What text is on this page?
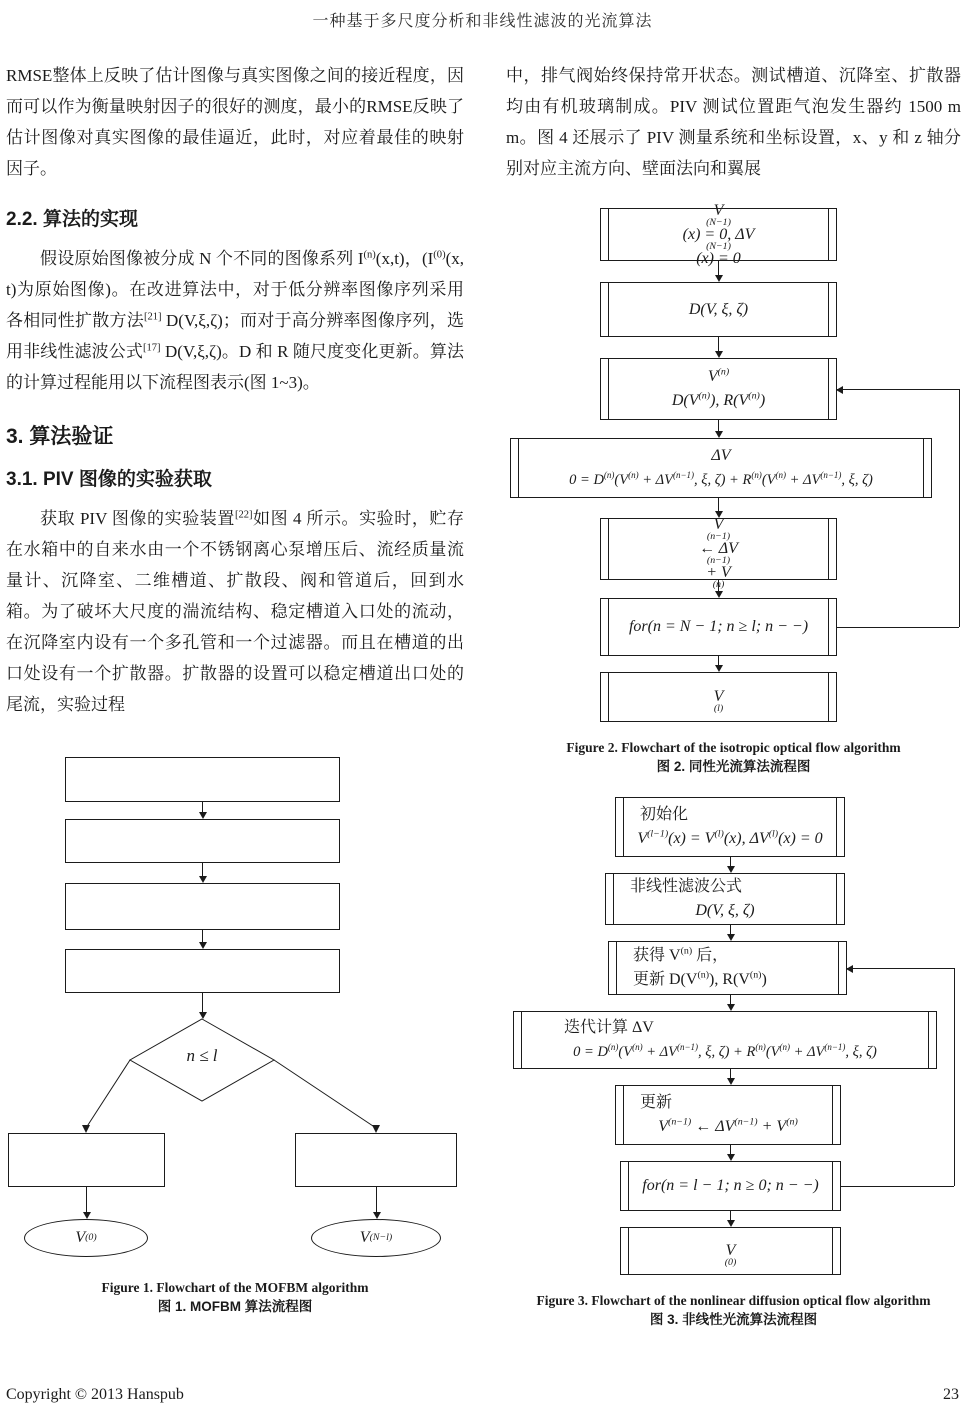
一种基于多尺度分析和非线性滤波的光流算法

RMSE整体上反映了估计图像与真实图像之间的接近程度，因而可以作为衡量映射因子的很好的测度，最小的RMSE反映了估计图像对真实图像的最佳逼近，此时，对应着最佳的映射因子。

2.2. 算法的实现

假设原始图像被分成 N 个不同的图像系列 $I^{(n)}(x,t)$，($I^{(0)}(x,t)$为原始图像)。在改进算法中，对于低分辨率图像序列采用各相同性扩散方法[21] D(V,ξ,ζ)；而对于高分辨率图像序列，选用非线性滤波公式[17] D(V,ξ,ζ)。D 和 R 随尺度变化更新。算法的计算过程能用以下流程图表示(图 1~3)。

3. 算法验证
3.1. PIV 图像的实验获取

获取 PIV 图像的实验装置[22]如图 4 所示。实验时，贮存在水箱中的自来水由一个不锈钢离心泵增压后、流经质量流量计、沉降室、二维槽道、扩散段、阀和管道后，回到水箱。为了破坏大尺度的湍流结构、稳定槽道入口处的流动，在沉降室内设有一个多孔管和一个过滤器。而且在槽道的出口处设有一个扩散器。扩散器的设置可以稳定槽道出口处的尾流，实验过程

n ≤ l
V (0)	V (N−l)
Figure 1. Flowchart of the MOFBM algorithm
图 1. MOFBM 算法流程图

中，排气阀始终保持常开状态。测试槽道、沉降室、扩散器均由有机玻璃制成。PIV 测试位置距气泡发生器约 1500 mm。图 4 还展示了 PIV 测量系统和坐标设置，x、y 和 z 轴分别对应主流方向、壁面法向和翼展

V
(N−1)
(x) = 0, ΔV
(N−1)
(x) = 0
D(V, ξ, ζ)
$V^{(n)}$
$D(V^{(n)})$, $R(V^{(n)})$
ΔV
$0 = D^{(n)}(V^{(n)} + \Delta V^{(n-1)}$, ξ, $\zeta) + R^{(n)}(V^{(n)} + \Delta V^{(n-1)}$, ξ, ζ)
V
(n−1)
← ΔV
(n−1)
+ V
(n)
for(n = N − 1; n ≥ l; n − −)
V
(l)
Figure 2. Flowchart of the isotropic optical flow algorithm
图 2. 同性光流算法流程图
初始化
$V^{(l-1)}(x) = V^{(l)}(x)$, $\Delta V^{(l)}(x) = 0$
非线性滤波公式
D(V, ξ, ζ)
获得 $V^{(n)}$ 后，
更新 $D(V^{(n)})$, $R(V^{(n)})$
迭代计算 ΔV
$0 = D^{(n)}(V^{(n)} + \Delta V^{(n-1)}$, ξ, $\zeta) + R^{(n)}(V^{(n)} + \Delta V^{(n-1)}$, ξ, ζ)
更新
$V^{(n-1)}$ ← $\Delta V^{(n-1)} + V^{(n)}$
for(n = l − 1; n ≥ 0; n − −)
V
(0)
Figure 3. Flowchart of the nonlinear diffusion optical flow algorithm
图 3. 非线性光流算法流程图
Copyright © 2013 Hanspub	23
